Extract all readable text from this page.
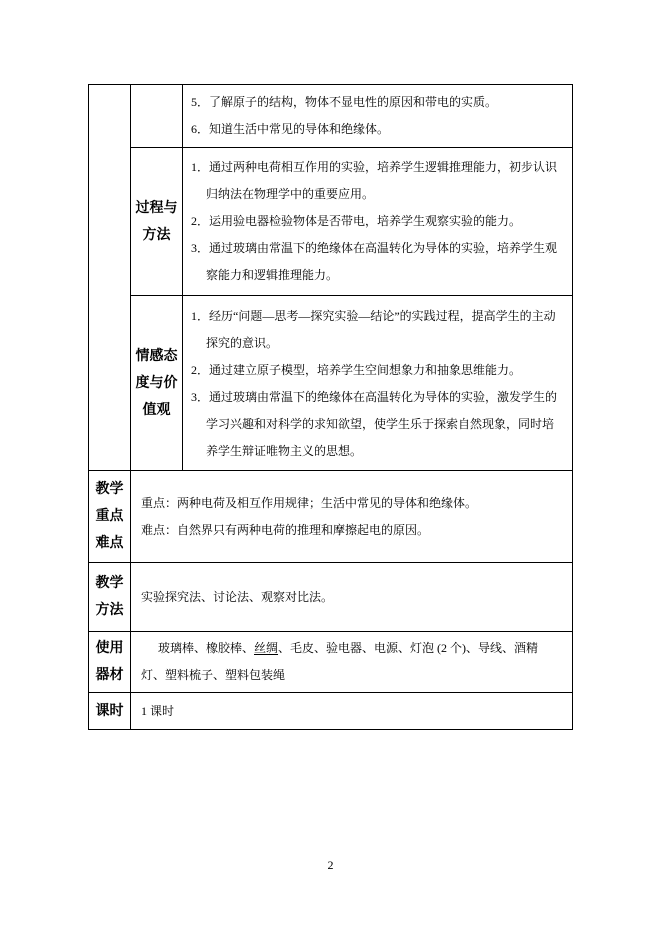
5．了解原子的结构，物体不显电性的原因和带电的实质。
6．知道生活中常见的导体和绝缘体。
过程与
方法
1．通过两种电荷相互作用的实验，培养学生逻辑推理能力，初步认识归纳法在物理学中的重要应用。
2．运用验电器检验物体是否带电，培养学生观察实验的能力。
3．通过玻璃由常温下的绝缘体在高温转化为导体的实验，培养学生观察能力和逻辑推理能力。
情感态
度与价
值观
1．经历“问题—思考—探究实验—结论”的实践过程，提高学生的主动探究的意识。
2．通过建立原子模型，培养学生空间想象力和抽象思维能力。
3．通过玻璃由常温下的绝缘体在高温转化为导体的实验，激发学生的学习兴趣和对科学的求知欲望，使学生乐于探索自然现象，同时培养学生辩证唯物主义的思想。
教学
重点
难点
重点：两种电荷及相互作用规律；生活中常见的导体和绝缘体。
难点：自然界只有两种电荷的推理和摩擦起电的原因。
教学
方法
实验探究法、讨论法、观察对比法。
使用
器材
玻璃棒、橡胶棒、丝绸、毛皮、验电器、电源、灯泡 (2 个)、导线、酒精灯、塑料梳子、塑料包装绳
课时 1 课时
2
